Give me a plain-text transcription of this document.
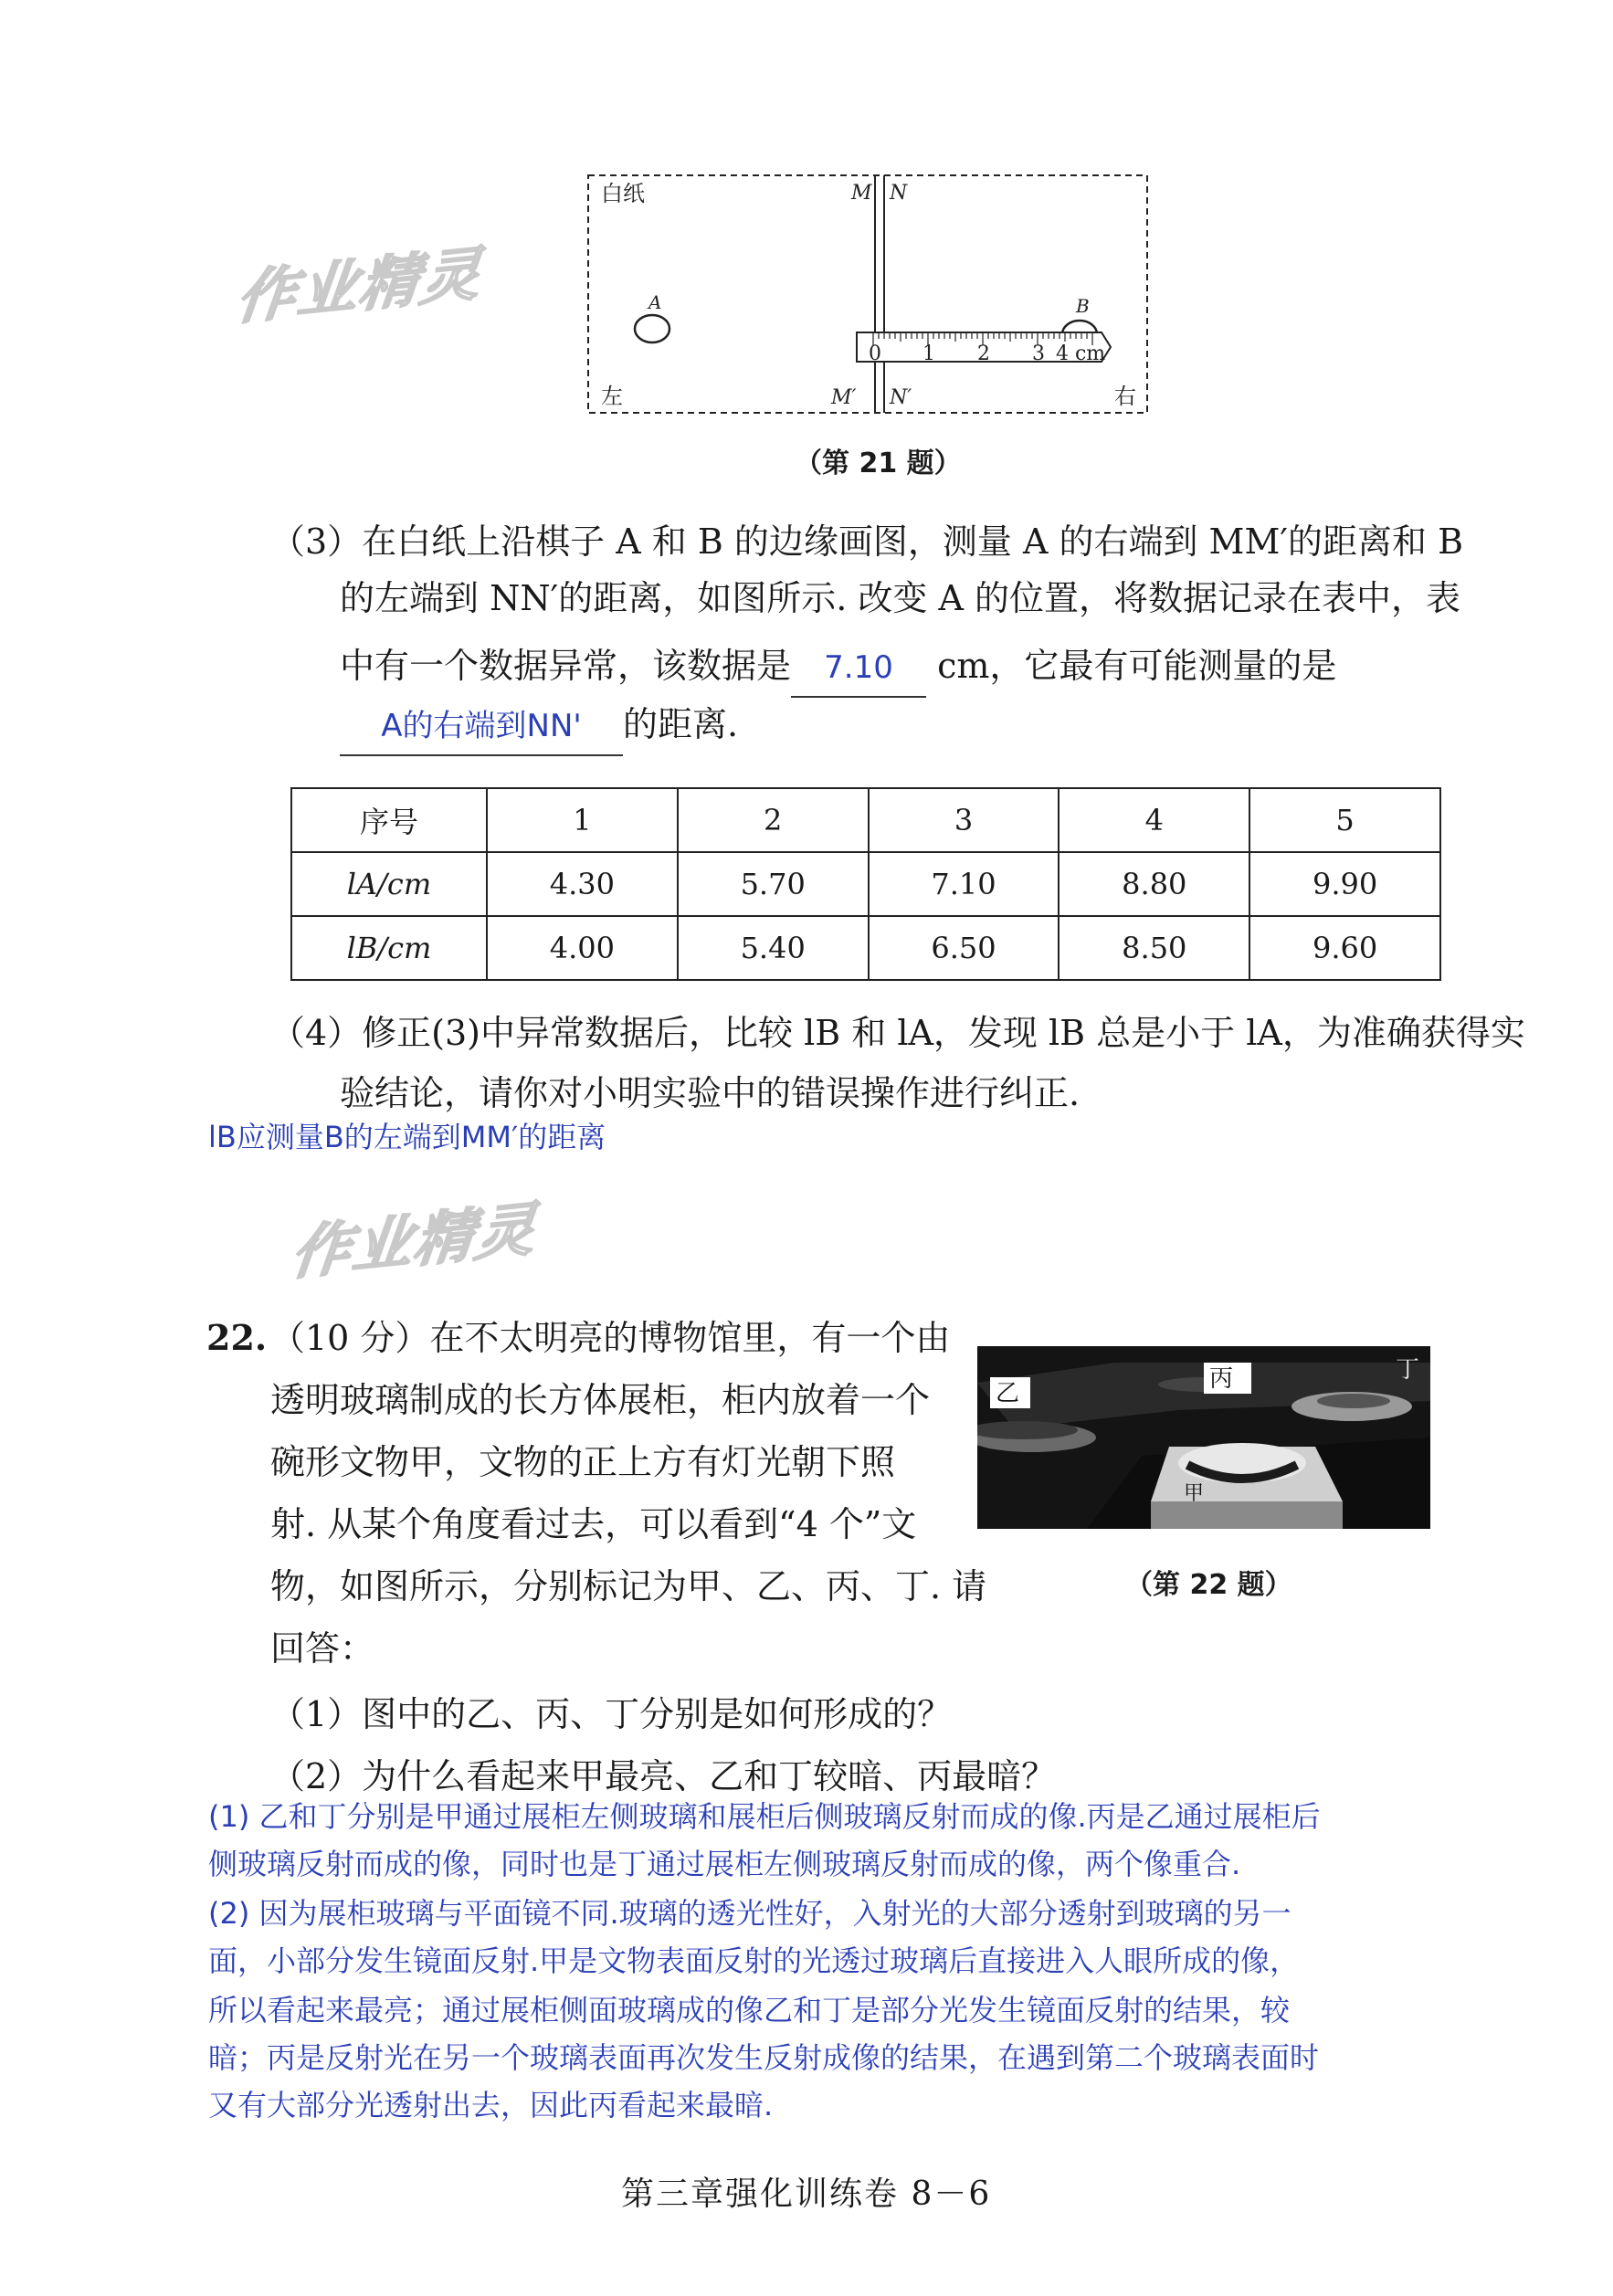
作业精灵
作业精灵
0 1 2 3 4 cm
白纸
左	右
M N
M′ N′
A	B
（第 21 题）
（3）在白纸上沿棋子 A 和 B 的边缘画图，测量 A 的右端到 MM′的距离和 B
的左端到 NN′的距离，如图所示. 改变 A 的位置，将数据记录在表中，表
中有一个数据异常，该数据是 7.10 cm，它最有可能测量的是
A的右端到NN' 的距离.
序号	1	2	3	4	5
lA/cm	4.30	5.70	7.10	8.80	9.90
lB/cm	4.00	5.40	6.50	8.50	9.60
（4）修正(3)中异常数据后，比较 lB 和 lA，发现 lB 总是小于 lA，为准确获得实
验结论，请你对小明实验中的错误操作进行纠正.
lB应测量B的左端到MM′的距离
22. （10 分）在不太明亮的博物馆里，有一个由
透明玻璃制成的长方体展柜，柜内放着一个
碗形文物甲，文物的正上方有灯光朝下照
射. 从某个角度看过去，可以看到“4 个”文
物，如图所示，分别标记为甲、乙、丙、丁. 请
回答：
丙
乙
丁
甲
（第 22 题）
（1）图中的乙、丙、丁分别是如何形成的？
（2）为什么看起来甲最亮、乙和丁较暗、丙最暗？
(1) 乙和丁分别是甲通过展柜左侧玻璃和展柜后侧玻璃反射而成的像.丙是乙通过展柜后
侧玻璃反射而成的像，同时也是丁通过展柜左侧玻璃反射而成的像，两个像重合.
(2) 因为展柜玻璃与平面镜不同.玻璃的透光性好，入射光的大部分透射到玻璃的另一
面，小部分发生镜面反射.甲是文物表面反射的光透过玻璃后直接进入人眼所成的像，
所以看起来最亮；通过展柜侧面玻璃成的像乙和丁是部分光发生镜面反射的结果，较
暗；丙是反射光在另一个玻璃表面再次发生反射成像的结果，在遇到第二个玻璃表面时
又有大部分光透射出去，因此丙看起来最暗.
第三章强化训练卷 8－6
